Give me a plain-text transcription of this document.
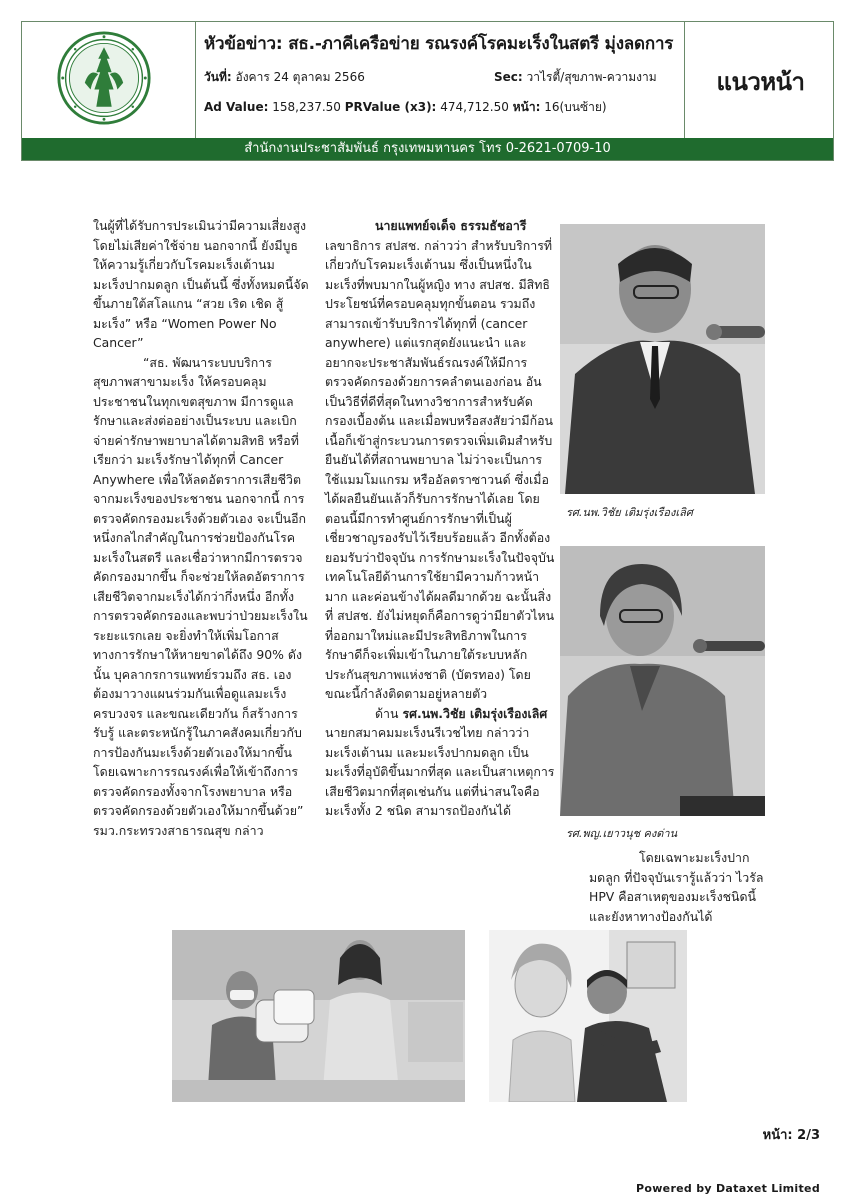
หัวข้อข่าว: สธ.-ภาคีเครือข่าย รณรงค์โรคมะเร็งในสตรี มุ่งลดการ
วันที่: อังคาร 24 ตุลาคม 2566	Sec: วาไรตี้/สุขภาพ-ความงาม
Ad Value: 158,237.50 PRValue (x3): 474,712.50 หน้า: 16(บนซ้าย)
แนวหน้า
สำนักงานประชาสัมพันธ์ กรุงเทพมหานคร โทร 0-2621-0709-10

ในผู้ที่ได้รับการประเมินว่ามีความเสี่ยงสูง โดยไม่เสียค่าใช้จ่าย นอกจากนี้ ยังมีบูธให้ความรู้เกี่ยวกับโรคมะเร็งเต้านม มะเร็งปากมดลูก เป็นต้นนี้ ซึ่งทั้งหมดนี้จัดขึ้นภายใต้สโลแกน “สวย เริด เชิด สู้มะเร็ง” หรือ “Women Power No Cancer”

“สธ. พัฒนาระบบบริการสุขภาพสาขามะเร็ง ให้ครอบคลุมประชาชนในทุกเขตสุขภาพ มีการดูแลรักษาและส่งต่ออย่างเป็นระบบ และเบิกจ่ายค่ารักษาพยาบาลได้ตามสิทธิ หรือที่เรียกว่า มะเร็งรักษาได้ทุกที่ Cancer Anywhere เพื่อให้ลดอัตราการเสียชีวิตจากมะเร็งของประชาชน นอกจากนี้ การตรวจคัดกรองมะเร็งด้วยตัวเอง จะเป็นอีกหนึ่งกลไกสำคัญในการช่วยป้องกันโรคมะเร็งในสตรี และเชื่อว่าหากมีการตรวจคัดกรองมากขึ้น ก็จะช่วยให้ลดอัตราการเสียชีวิตจากมะเร็งได้กว่ากึ่งหนึ่ง อีกทั้งการตรวจคัดกรองและพบว่าป่วยมะเร็งในระยะแรกเลย จะยิ่งทำให้เพิ่มโอกาสทางการรักษาให้หายขาดได้ถึง 90% ดังนั้น บุคลากรการแพทย์รวมถึง สธ. เอง ต้องมาวางแผนร่วมกันเพื่อดูแลมะเร็งครบวงจร และขณะเดียวกัน ก็สร้างการรับรู้ และตระหนักรู้ในภาคสังคมเกี่ยวกับการป้องกันมะเร็งด้วยตัวเองให้มากขึ้น โดยเฉพาะการรณรงค์เพื่อให้เข้าถึงการตรวจคัดกรองทั้งจากโรงพยาบาล หรือตรวจคัดกรองด้วยตัวเองให้มากขึ้นด้วย” รมว.กระทรวงสาธารณสุข กล่าว

นายแพทย์จเด็จ ธรรมธัชอารี เลขาธิการ สปสช. กล่าวว่า สำหรับบริการที่เกี่ยวกับโรคมะเร็งเต้านม ซึ่งเป็นหนึ่งในมะเร็งที่พบมากในผู้หญิง ทาง สปสช. มีสิทธิประโยชน์ที่ครอบคลุมทุกขั้นตอน รวมถึงสามารถเข้ารับบริการได้ทุกที่ (cancer anywhere) แต่แรกสุดยังแนะนำ และอยากจะประชาสัมพันธ์รณรงค์ให้มีการตรวจคัดกรองด้วยการคลำตนเองก่อน อันเป็นวิธีที่ดีที่สุดในทางวิชาการสำหรับคัดกรองเบื้องต้น และเมื่อพบหรือสงสัยว่ามีก้อนเนื้อก็เข้าสู่กระบวนการตรวจเพิ่มเติมสำหรับยืนยันได้ที่สถานพยาบาล ไม่ว่าจะเป็นการใช้แมมโมแกรม หรืออัลตราซาวนด์ ซึ่งเมื่อได้ผลยืนยันแล้วก็รับการรักษาได้เลย โดยตอนนี้มีการทำศูนย์การรักษาที่เป็นผู้เชี่ยวชาญรองรับไว้เรียบร้อยแล้ว อีกทั้งต้องยอมรับว่าปัจจุบัน การรักษามะเร็งในปัจจุบัน เทคโนโลยีด้านการใช้ยามีความก้าวหน้ามาก และค่อนข้างได้ผลดีมากด้วย ฉะนั้นสิ่งที่ สปสช. ยังไม่หยุดก็คือการดูว่ามียาตัวไหนที่ออกมาใหม่และมีประสิทธิภาพในการรักษาดีก็จะเพิ่มเข้าในภายใต้ระบบหลักประกันสุขภาพแห่งชาติ (บัตรทอง) โดยขณะนี้กำลังติดตามอยู่หลายตัว

ด้าน รศ.นพ.วิชัย เติมรุ่งเรืองเลิศ นายกสมาคมมะเร็งนรีเวชไทย กล่าวว่า มะเร็งเต้านม และมะเร็งปากมดลูก เป็นมะเร็งที่อุบัติขึ้นมากที่สุด และเป็นสาเหตุการเสียชีวิตมากที่สุดเช่นกัน แต่ที่น่าสนใจคือมะเร็งทั้ง 2 ชนิด สามารถป้องกันได้

รศ.นพ.วิชัย เติมรุ่งเรืองเลิศ
รศ.พญ.เยาวนุช คงด่าน

โดยเฉพาะมะเร็งปากมดลูก ที่ปัจจุบันเรารู้แล้วว่า ไวรัล HPV คือสาเหตุของมะเร็งชนิดนี้ และยังหาทางป้องกันได้

หน้า: 2/3
Powered by Dataxet Limited
